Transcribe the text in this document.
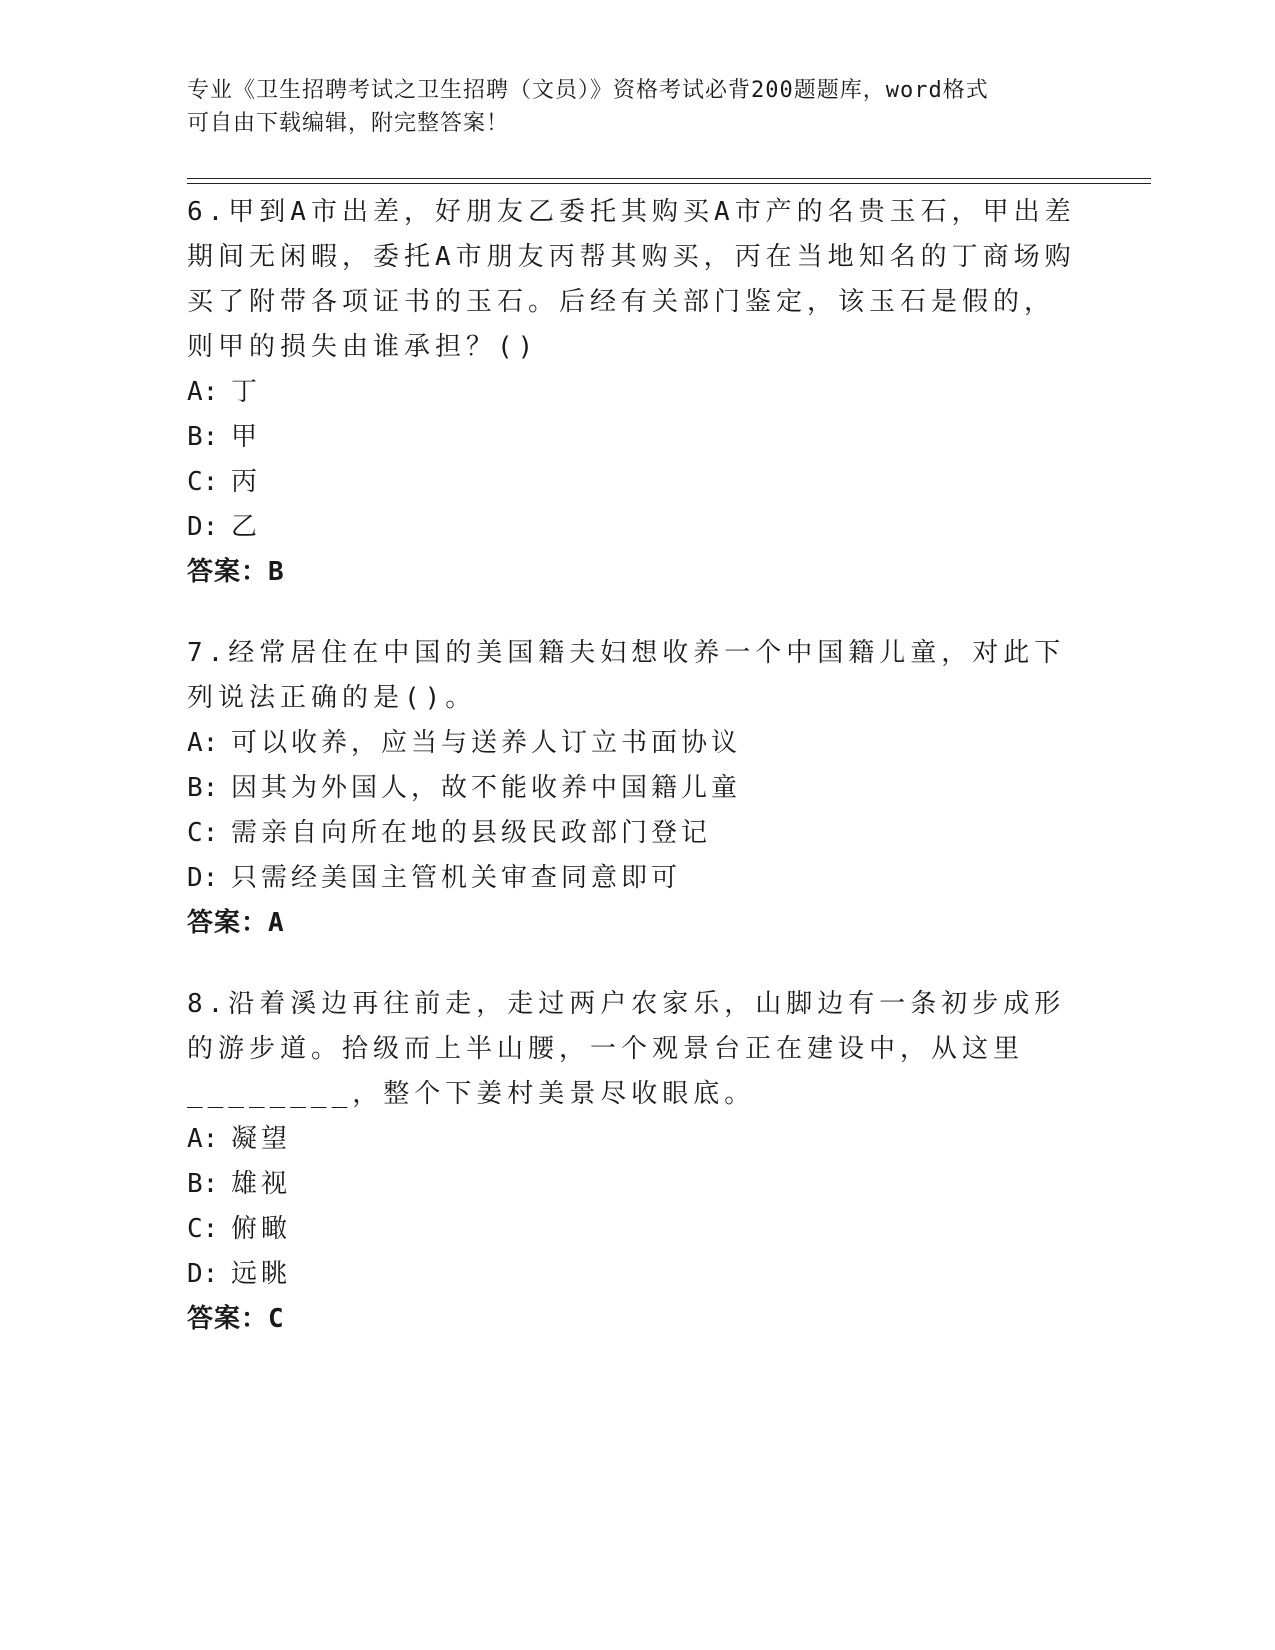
专业《卫生招聘考试之卫生招聘（文员）》资格考试必背200题题库，word格式
可自由下载编辑，附完整答案！

6.甲到A市出差，好朋友乙委托其购买A市产的名贵玉石，甲出差期间无闲暇，委托A市朋友丙帮其购买，丙在当地知名的丁商场购买了附带各项证书的玉石。后经有关部门鉴定，该玉石是假的，则甲的损失由谁承担？()

A: 丁

B: 甲

C: 丙

D: 乙

答案：B

7.经常居住在中国的美国籍夫妇想收养一个中国籍儿童，对此下列说法正确的是()。

A: 可以收养，应当与送养人订立书面协议

B: 因其为外国人，故不能收养中国籍儿童

C: 需亲自向所在地的县级民政部门登记

D: 只需经美国主管机关审查同意即可

答案：A

8.沿着溪边再往前走，走过两户农家乐，山脚边有一条初步成形的游步道。拾级而上半山腰，一个观景台正在建设中，从这里________，整个下姜村美景尽收眼底。

A: 凝望

B: 雄视

C: 俯瞰

D: 远眺

答案：C
